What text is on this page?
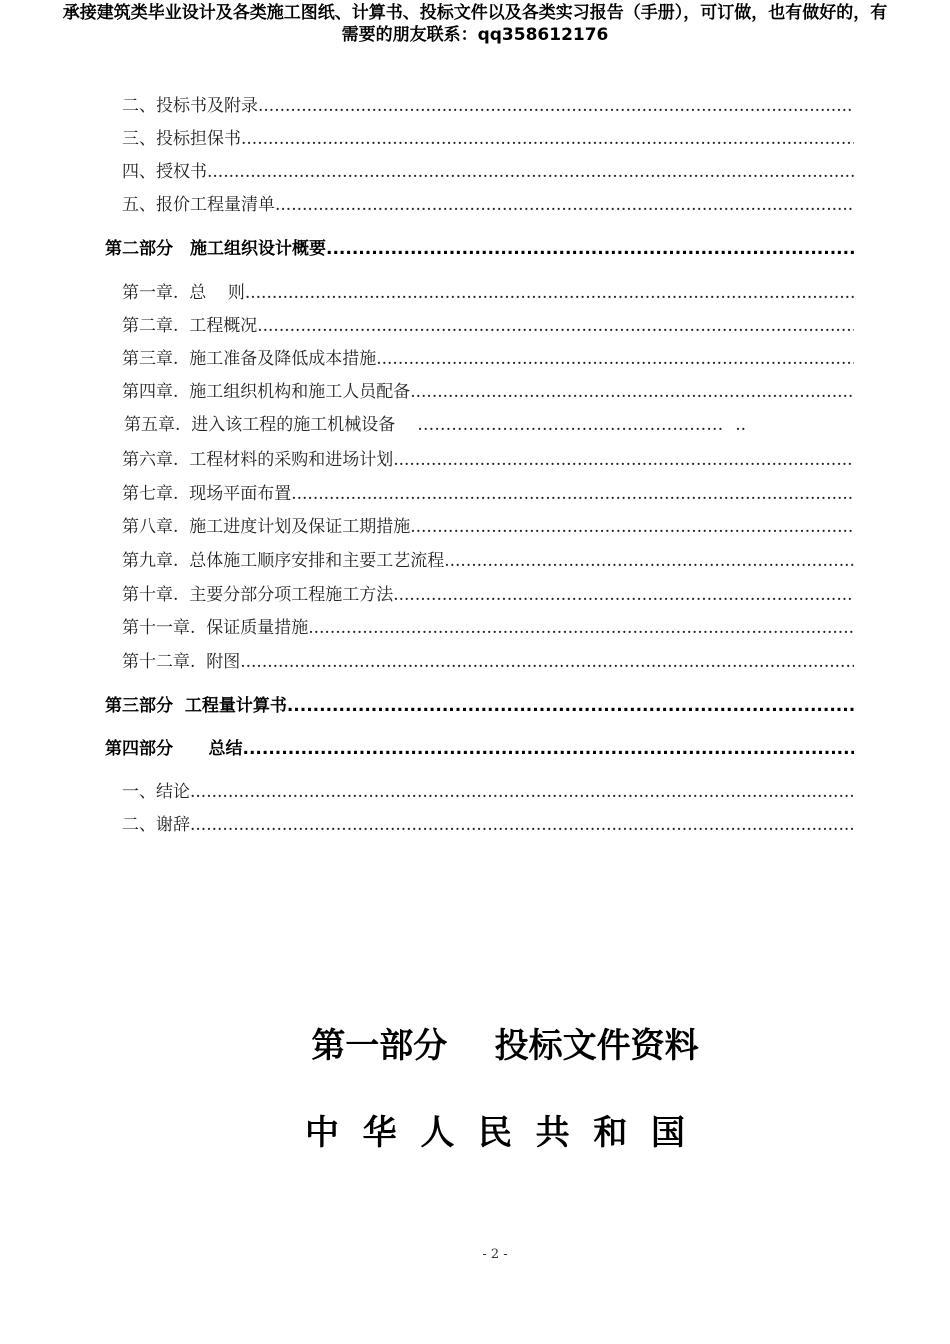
承接建筑类毕业设计及各类施工图纸、计算书、投标文件以及各类实习报告（手册），可订做，也有做好的，有需要的朋友联系：qq358612176
二、投标书及附录
.....
三、投标担保书
.....
四、授权书
.....
五、报价工程量清单
.....
第二部分　施工组织设计概要
.....
第一章.  总    则
.....
第二章.  工程概况
.....
第三章.  施工准备及降低成本措施
.....
第四章.  施工组织机构和施工人员配备
.....
第五章.  进入该工程的施工机械设备 ……………………………………………… ..
第六章.  工程材料的采购和进场计划
.....
第七章.  现场平面布置
.....
第八章.  施工进度计划及保证工期措施
.....
第九章.  总体施工顺序安排和主要工艺流程
.....
第十章.  主要分部分项工程施工方法
.....
第十一章.  保证质量措施
.....
第十二章.  附图
.....
第三部分  工程量计算书
.....
第四部分      总结
.....
一、结论
.....
二、谢辞
.....
第一部分    投标文件资料
中  华  人  民  共  和  国
- 2 -
